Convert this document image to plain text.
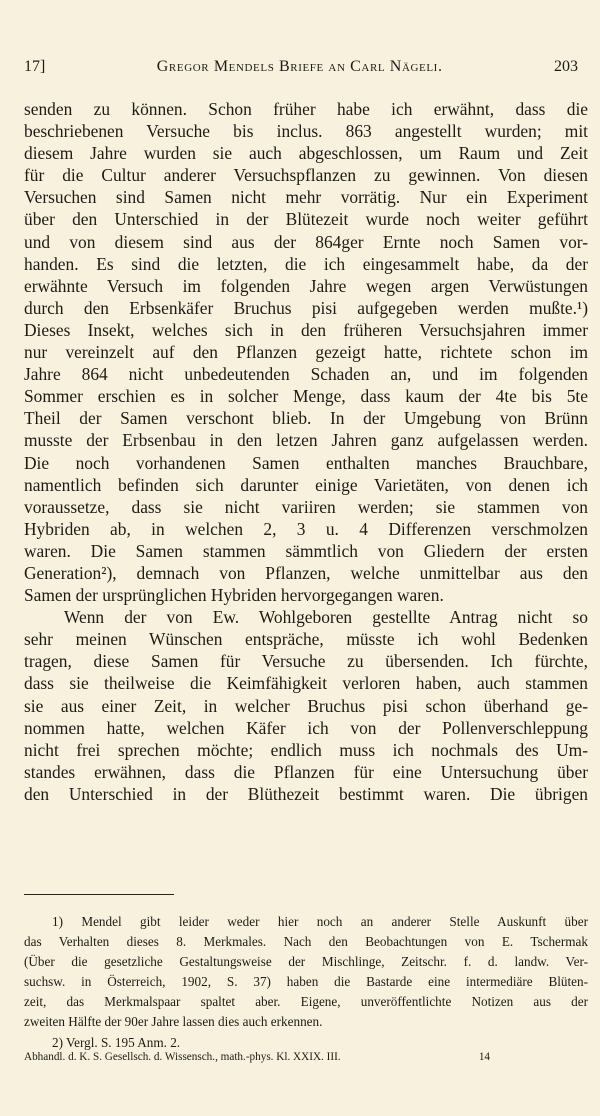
17]	Gregor Mendels Briefe an Carl Nägeli.	203
senden zu können. Schon früher habe ich erwähnt, dass die
beschriebenen Versuche bis inclus. 863 angestellt wurden; mit
diesem Jahre wurden sie auch abgeschlossen, um Raum und Zeit
für die Cultur anderer Versuchspflanzen zu gewinnen. Von diesen
Versuchen sind Samen nicht mehr vorrätig. Nur ein Experiment
über den Unterschied in der Blütezeit wurde noch weiter geführt
und von diesem sind aus der 864ger Ernte noch Samen vor-
handen. Es sind die letzten, die ich eingesammelt habe, da der
erwähnte Versuch im folgenden Jahre wegen argen Verwüstungen
durch den Erbsenkäfer Bruchus pisi aufgegeben werden mußte.¹)
Dieses Insekt, welches sich in den früheren Versuchsjahren immer
nur vereinzelt auf den Pflanzen gezeigt hatte, richtete schon im
Jahre 864 nicht unbedeutenden Schaden an, und im folgenden
Sommer erschien es in solcher Menge, dass kaum der 4te bis 5te
Theil der Samen verschont blieb. In der Umgebung von Brünn
musste der Erbsenbau in den letzen Jahren ganz aufgelassen werden.
Die noch vorhandenen Samen enthalten manches Brauchbare,
namentlich befinden sich darunter einige Varietäten, von denen ich
voraussetze, dass sie nicht variiren werden; sie stammen von
Hybriden ab, in welchen 2, 3 u. 4 Differenzen verschmolzen
waren. Die Samen stammen sämmtlich von Gliedern der ersten
Generation²), demnach von Pflanzen, welche unmittelbar aus den
Samen der ursprünglichen Hybriden hervorgegangen waren.
Wenn der von Ew. Wohlgeboren gestellte Antrag nicht so
sehr meinen Wünschen entspräche, müsste ich wohl Bedenken
tragen, diese Samen für Versuche zu übersenden. Ich fürchte,
dass sie theilweise die Keimfähigkeit verloren haben, auch stammen
sie aus einer Zeit, in welcher Bruchus pisi schon überhand ge-
nommen hatte, welchen Käfer ich von der Pollenverschleppung
nicht frei sprechen möchte; endlich muss ich nochmals des Um-
standes erwähnen, dass die Pflanzen für eine Untersuchung über
den Unterschied in der Blüthezeit bestimmt waren. Die übrigen
1) Mendel gibt leider weder hier noch an anderer Stelle Auskunft über
das Verhalten dieses 8. Merkmales. Nach den Beobachtungen von E. Tschermak
(Über die gesetzliche Gestaltungsweise der Mischlinge, Zeitschr. f. d. landw. Ver-
suchsw. in Österreich, 1902, S. 37) haben die Bastarde eine intermediäre Blüten-
zeit, das Merkmalspaar spaltet aber. Eigene, unveröffentlichte Notizen aus der
zweiten Hälfte der 90er Jahre lassen dies auch erkennen.
2) Vergl. S. 195 Anm. 2.
Abhandl. d. K. S. Gesellsch. d. Wissensch., math.-phys. Kl. XXIX. III.	14
